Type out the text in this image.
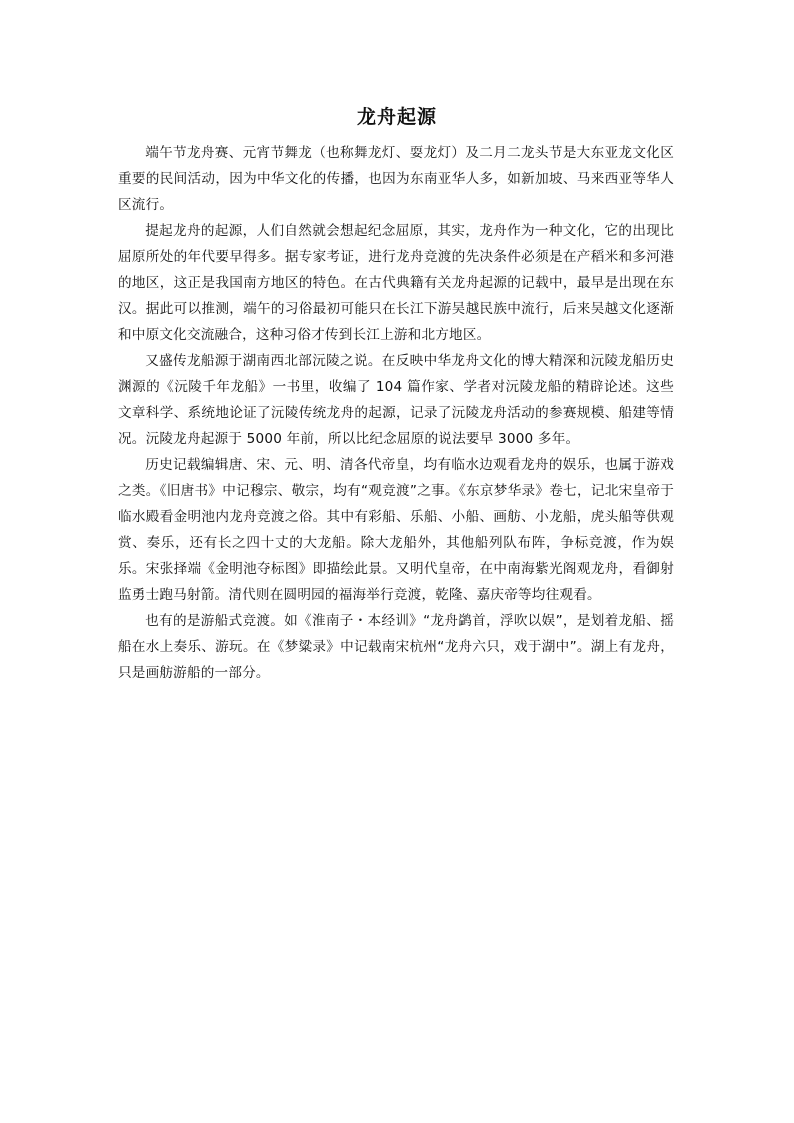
龙舟起源

端午节龙舟赛、元宵节舞龙（也称舞龙灯、耍龙灯）及二月二龙头节是大东亚龙文化区重要的民间活动，因为中华文化的传播，也因为东南亚华人多，如新加坡、马来西亚等华人区流行。

提起龙舟的起源，人们自然就会想起纪念屈原，其实，龙舟作为一种文化，它的出现比屈原所处的年代要早得多。据专家考证，进行龙舟竞渡的先决条件必须是在产稻米和多河港的地区，这正是我国南方地区的特色。在古代典籍有关龙舟起源的记载中，最早是出现在东汉。据此可以推测，端午的习俗最初可能只在长江下游吴越民族中流行，后来吴越文化逐渐和中原文化交流融合，这种习俗才传到长江上游和北方地区。

又盛传龙船源于湖南西北部沅陵之说。在反映中华龙舟文化的博大精深和沅陵龙船历史渊源的《沅陵千年龙船》一书里，收编了 104 篇作家、学者对沅陵龙船的精辟论述。这些文章科学、系统地论证了沅陵传统龙舟的起源，记录了沅陵龙舟活动的参赛规模、船建等情况。沅陵龙舟起源于 5000 年前，所以比纪念屈原的说法要早 3000 多年。

历史记载编辑唐、宋、元、明、清各代帝皇，均有临水边观看龙舟的娱乐，也属于游戏之类。《旧唐书》中记穆宗、敬宗，均有“观竞渡”之事。《东京梦华录》卷七，记北宋皇帝于临水殿看金明池内龙舟竞渡之俗。其中有彩船、乐船、小船、画舫、小龙船，虎头船等供观赏、奏乐，还有长之四十丈的大龙船。除大龙船外，其他船列队布阵，争标竞渡，作为娱乐。宋张择端《金明池夺标图》即描绘此景。又明代皇帝，在中南海紫光阁观龙舟，看御射监勇士跑马射箭。清代则在圆明园的福海举行竞渡，乾隆、嘉庆帝等均往观看。

也有的是游船式竞渡。如《淮南子・本经训》“龙舟鹢首，浮吹以娱”，是划着龙船、摇船在水上奏乐、游玩。在《梦粱录》中记载南宋杭州“龙舟六只，戏于湖中”。湖上有龙舟，只是画舫游船的一部分。
